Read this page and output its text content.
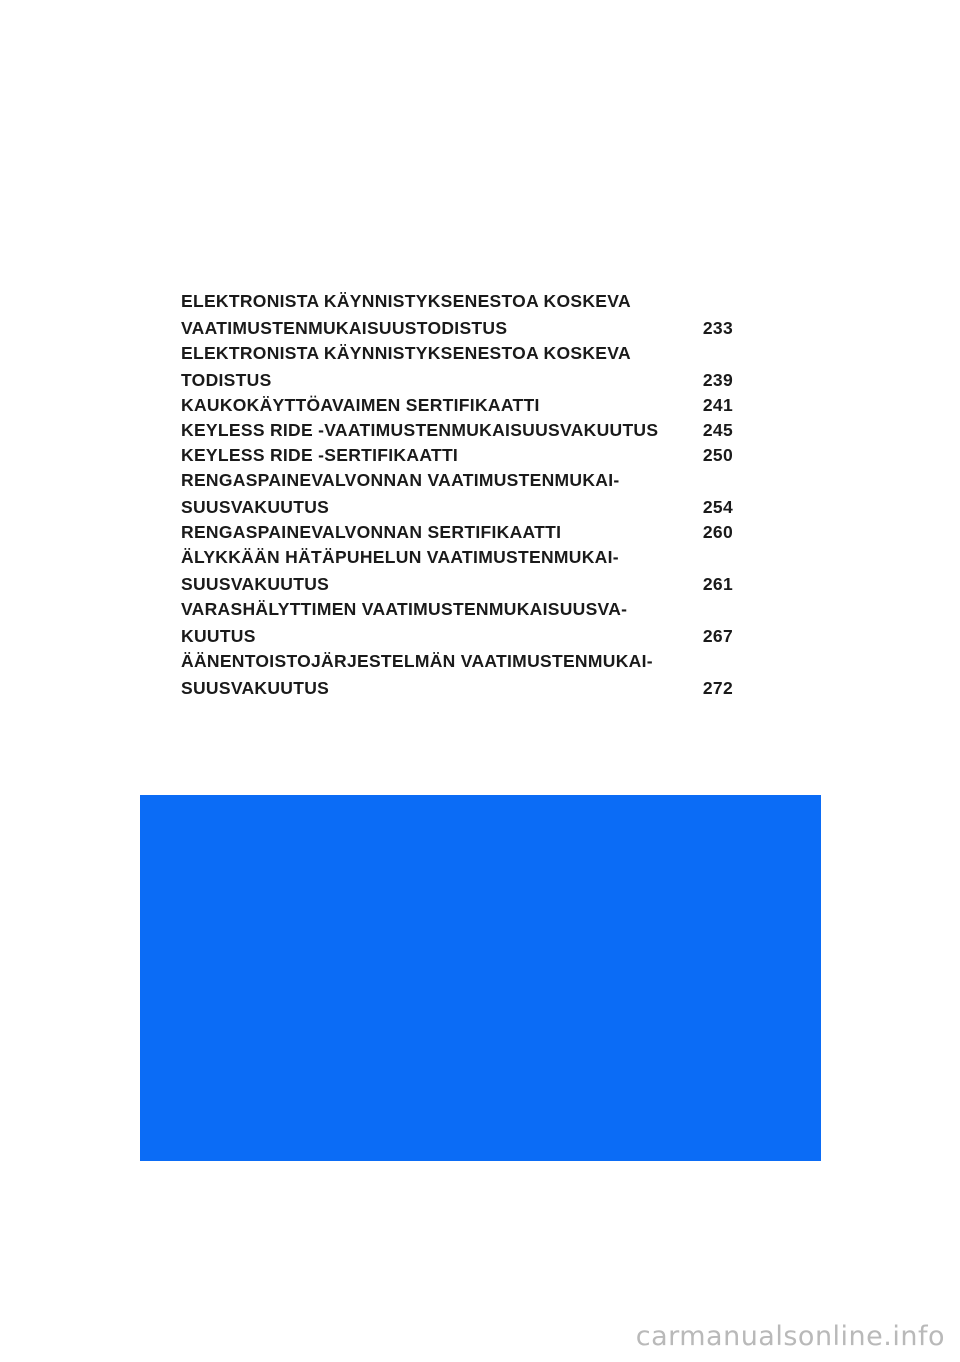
ELEKTRONISTA KÄYNNISTYKSENESTOA KOSKEVA
VAATIMUSTENMUKAISUUSTODISTUS	233
ELEKTRONISTA KÄYNNISTYKSENESTOA KOSKEVA
TODISTUS	239
KAUKOKÄYTTÖAVAIMEN SERTIFIKAATTI	241
KEYLESS RIDE -VAATIMUSTENMUKAISUUSVAKUUTUS	245
KEYLESS RIDE -SERTIFIKAATTI	250
RENGASPAINEVALVONNAN VAATIMUSTENMUKAI-
SUUSVAKUUTUS	254
RENGASPAINEVALVONNAN SERTIFIKAATTI	260
ÄLYKKÄÄN HÄTÄPUHELUN VAATIMUSTENMUKAI-
SUUSVAKUUTUS	261
VARASHÄLYTTIMEN VAATIMUSTENMUKAISUUSVA-
KUUTUS	267
ÄÄNENTOISTOJÄRJESTELMÄN VAATIMUSTENMUKAI-
SUUSVAKUUTUS	272
carmanualsonline.info
